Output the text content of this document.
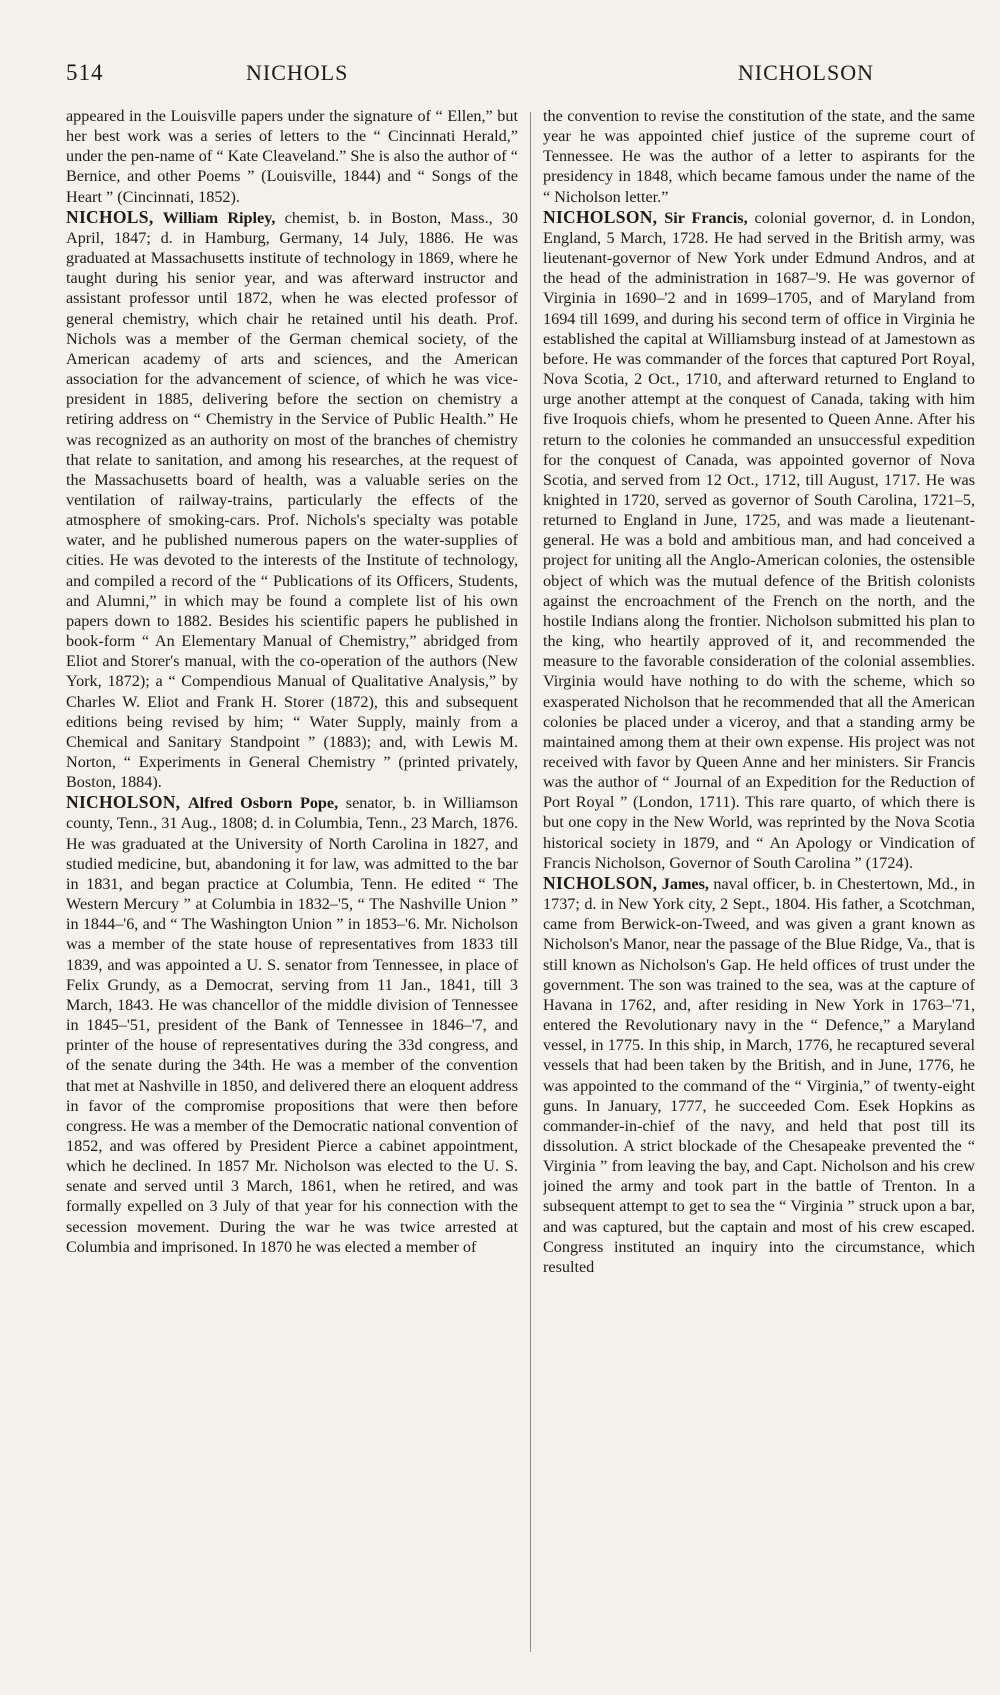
514	NICHOLS	NICHOLSON

appeared in the Louisville papers under the signature of “ Ellen,” but her best work was a series of letters to the “ Cincinnati Herald,” under the pen-name of “ Kate Cleaveland.” She is also the author of “ Bernice, and other Poems ” (Louisville, 1844) and “ Songs of the Heart ” (Cincinnati, 1852).

NICHOLS, William Ripley, chemist, b. in Boston, Mass., 30 April, 1847; d. in Hamburg, Germany, 14 July, 1886. He was graduated at Massachusetts institute of technology in 1869, where he taught during his senior year, and was afterward instructor and assistant professor until 1872, when he was elected professor of general chemistry, which chair he retained until his death. Prof. Nichols was a member of the German chemical society, of the American academy of arts and sciences, and the American association for the advancement of science, of which he was vice-president in 1885, delivering before the section on chemistry a retiring address on “ Chemistry in the Service of Public Health.” He was recognized as an authority on most of the branches of chemistry that relate to sanitation, and among his researches, at the request of the Massachusetts board of health, was a valuable series on the ventilation of railway-trains, particularly the effects of the atmosphere of smoking-cars. Prof. Nichols's specialty was potable water, and he published numerous papers on the water-supplies of cities. He was devoted to the interests of the Institute of technology, and compiled a record of the “ Publications of its Officers, Students, and Alumni,” in which may be found a complete list of his own papers down to 1882. Besides his scientific papers he published in book-form “ An Elementary Manual of Chemistry,” abridged from Eliot and Storer's manual, with the co-operation of the authors (New York, 1872); a “ Compendious Manual of Qualitative Analysis,” by Charles W. Eliot and Frank H. Storer (1872), this and subsequent editions being revised by him; “ Water Supply, mainly from a Chemical and Sanitary Standpoint ” (1883); and, with Lewis M. Norton, “ Experiments in General Chemistry ” (printed privately, Boston, 1884).

NICHOLSON, Alfred Osborn Pope, senator, b. in Williamson county, Tenn., 31 Aug., 1808; d. in Columbia, Tenn., 23 March, 1876. He was graduated at the University of North Carolina in 1827, and studied medicine, but, abandoning it for law, was admitted to the bar in 1831, and began practice at Columbia, Tenn. He edited “ The Western Mercury ” at Columbia in 1832–'5, “ The Nashville Union ” in 1844–'6, and “ The Washington Union ” in 1853–'6. Mr. Nicholson was a member of the state house of representatives from 1833 till 1839, and was appointed a U. S. senator from Tennessee, in place of Felix Grundy, as a Democrat, serving from 11 Jan., 1841, till 3 March, 1843. He was chancellor of the middle division of Tennessee in 1845–'51, president of the Bank of Tennessee in 1846–'7, and printer of the house of representatives during the 33d congress, and of the senate during the 34th. He was a member of the convention that met at Nashville in 1850, and delivered there an eloquent address in favor of the compromise propositions that were then before congress. He was a member of the Democratic national convention of 1852, and was offered by President Pierce a cabinet appointment, which he declined. In 1857 Mr. Nicholson was elected to the U. S. senate and served until 3 March, 1861, when he retired, and was formally expelled on 3 July of that year for his connection with the secession movement. During the war he was twice arrested at Columbia and imprisoned. In 1870 he was elected a member of

the convention to revise the constitution of the state, and the same year he was appointed chief justice of the supreme court of Tennessee. He was the author of a letter to aspirants for the presidency in 1848, which became famous under the name of the “ Nicholson letter.”

NICHOLSON, Sir Francis, colonial governor, d. in London, England, 5 March, 1728. He had served in the British army, was lieutenant-governor of New York under Edmund Andros, and at the head of the administration in 1687–'9. He was governor of Virginia in 1690–'2 and in 1699–1705, and of Maryland from 1694 till 1699, and during his second term of office in Virginia he established the capital at Williamsburg instead of at Jamestown as before. He was commander of the forces that captured Port Royal, Nova Scotia, 2 Oct., 1710, and afterward returned to England to urge another attempt at the conquest of Canada, taking with him five Iroquois chiefs, whom he presented to Queen Anne. After his return to the colonies he commanded an unsuccessful expedition for the conquest of Canada, was appointed governor of Nova Scotia, and served from 12 Oct., 1712, till August, 1717. He was knighted in 1720, served as governor of South Carolina, 1721–5, returned to England in June, 1725, and was made a lieutenant-general. He was a bold and ambitious man, and had conceived a project for uniting all the Anglo-American colonies, the ostensible object of which was the mutual defence of the British colonists against the encroachment of the French on the north, and the hostile Indians along the frontier. Nicholson submitted his plan to the king, who heartily approved of it, and recommended the measure to the favorable consideration of the colonial assemblies. Virginia would have nothing to do with the scheme, which so exasperated Nicholson that he recommended that all the American colonies be placed under a viceroy, and that a standing army be maintained among them at their own expense. His project was not received with favor by Queen Anne and her ministers. Sir Francis was the author of “ Journal of an Expedition for the Reduction of Port Royal ” (London, 1711). This rare quarto, of which there is but one copy in the New World, was reprinted by the Nova Scotia historical society in 1879, and “ An Apology or Vindication of Francis Nicholson, Governor of South Carolina ” (1724).

NICHOLSON, James, naval officer, b. in Chestertown, Md., in 1737; d. in New York city, 2 Sept., 1804. His father, a Scotchman, came from Berwick-on-Tweed, and was given a grant known as Nicholson's Manor, near the passage of the Blue Ridge, Va., that is still known as Nicholson's Gap. He held offices of trust under the government. The son was trained to the sea, was at the capture of Havana in 1762, and, after residing in New York in 1763–'71, entered the Revolutionary navy in the “ Defence,” a Maryland vessel, in 1775. In this ship, in March, 1776, he recaptured several vessels that had been taken by the British, and in June, 1776, he was appointed to the command of the “ Virginia,” of twenty-eight guns. In January, 1777, he succeeded Com. Esek Hopkins as commander-in-chief of the navy, and held that post till its dissolution. A strict blockade of the Chesapeake prevented the “ Virginia ” from leaving the bay, and Capt. Nicholson and his crew joined the army and took part in the battle of Trenton. In a subsequent attempt to get to sea the “ Virginia ” struck upon a bar, and was captured, but the captain and most of his crew escaped. Congress instituted an inquiry into the circumstance, which resulted
